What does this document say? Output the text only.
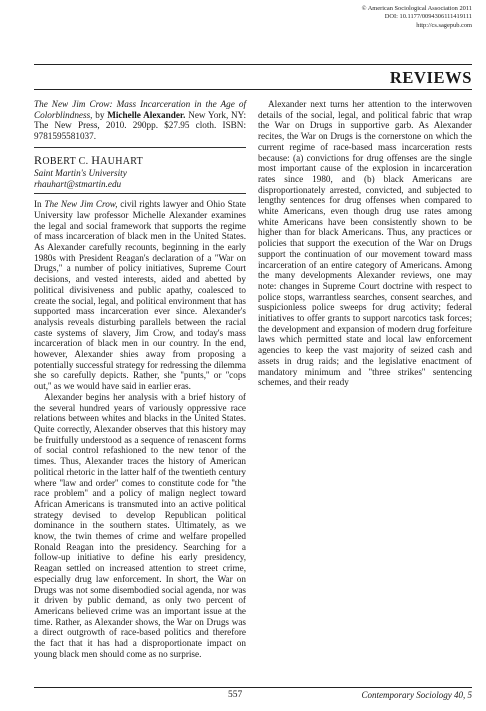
© American Sociological Association 2011
DOI: 10.1177/0094306111419111
http://cs.sagepub.com
REVIEWS
The New Jim Crow: Mass Incarceration in the Age of Colorblindness, by Michelle Alexander. New York, NY: The New Press, 2010. 290pp. $27.95 cloth. ISBN: 9781595581037.
ROBERT C. HAUHART
Saint Martin's University
rhauhart@stmartin.edu

In The New Jim Crow, civil rights lawyer and Ohio State University law professor Michelle Alexander examines the legal and social framework that supports the regime of mass incarceration of black men in the United States. As Alexander carefully recounts, beginning in the early 1980s with President Reagan's declaration of a "War on Drugs," a number of policy initiatives, Supreme Court decisions, and vested interests, aided and abetted by political divisiveness and public apathy, coalesced to create the social, legal, and political environment that has supported mass incarceration ever since. Alexander's analysis reveals disturbing parallels between the racial caste systems of slavery, Jim Crow, and today's mass incarceration of black men in our country. In the end, however, Alexander shies away from proposing a potentially successful strategy for redressing the dilemma she so carefully depicts. Rather, she ''punts,'' or ''cops out,'' as we would have said in earlier eras.

Alexander begins her analysis with a brief history of the several hundred years of variously oppressive race relations between whites and blacks in the United States. Quite correctly, Alexander observes that this history may be fruitfully understood as a sequence of renascent forms of social control refashioned to the new tenor of the times. Thus, Alexander traces the history of American political rhetoric in the latter half of the twentieth century where ''law and order'' comes to constitute code for ''the race problem'' and a policy of malign neglect toward African Americans is transmuted into an active political strategy devised to develop Republican political dominance in the southern states. Ultimately, as we know, the twin themes of crime and welfare propelled Ronald Reagan into the presidency. Searching for a follow-up initiative to define his early presidency, Reagan settled on increased attention to street crime, especially drug law enforcement. In short, the War on Drugs was not some disembodied social agenda, nor was it driven by public demand, as only two percent of Americans believed crime was an important issue at the time. Rather, as Alexander shows, the War on Drugs was a direct outgrowth of race-based politics and therefore the fact that it has had a disproportionate impact on young black men should come as no surprise.

Alexander next turns her attention to the interwoven details of the social, legal, and political fabric that wrap the War on Drugs in supportive garb. As Alexander recites, the War on Drugs is the cornerstone on which the current regime of race-based mass incarceration rests because: (a) convictions for drug offenses are the single most important cause of the explosion in incarceration rates since 1980, and (b) black Americans are disproportionately arrested, convicted, and subjected to lengthy sentences for drug offenses when compared to white Americans, even though drug use rates among white Americans have been consistently shown to be higher than for black Americans. Thus, any practices or policies that support the execution of the War on Drugs support the continuation of our movement toward mass incarceration of an entire category of Americans. Among the many developments Alexander reviews, one may note: changes in Supreme Court doctrine with respect to police stops, warrantless searches, consent searches, and suspicionless police sweeps for drug activity; federal initiatives to offer grants to support narcotics task forces; the development and expansion of modern drug forfeiture laws which permitted state and local law enforcement agencies to keep the vast majority of seized cash and assets in drug raids; and the legislative enactment of mandatory minimum and ''three strikes'' sentencing schemes, and their ready

557	Contemporary Sociology 40, 5
